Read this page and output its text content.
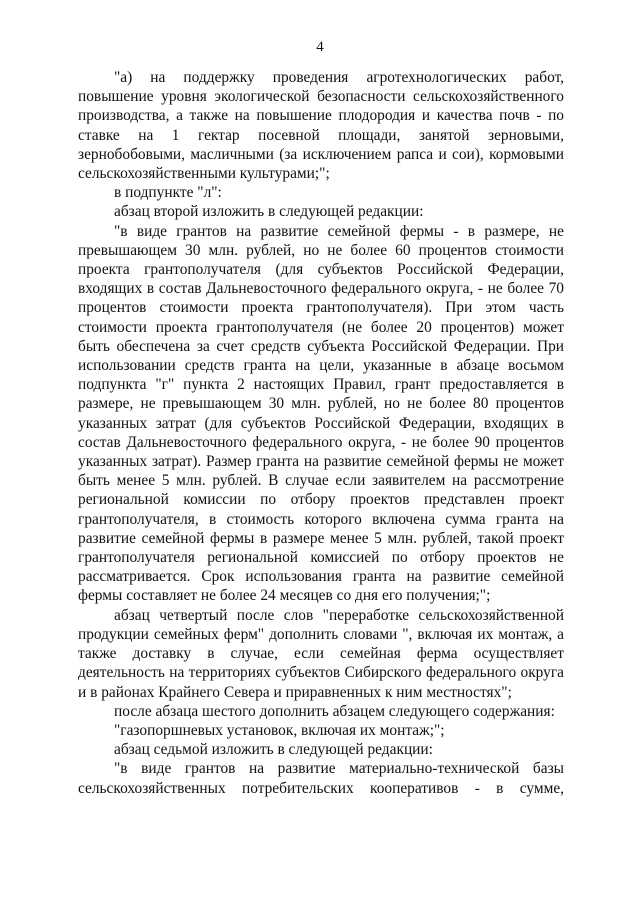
4

"а) на поддержку проведения агротехнологических работ, повышение уровня экологической безопасности сельскохозяйственного производства, а также на повышение плодородия и качества почв - по ставке на 1 гектар посевной площади, занятой зерновыми, зернобобовыми, масличными (за исключением рапса и сои), кормовыми сельскохозяйственными культурами;";

в подпункте "л":

абзац второй изложить в следующей редакции:

"в виде грантов на развитие семейной фермы - в размере, не превышающем 30 млн. рублей, но не более 60 процентов стоимости проекта грантополучателя (для субъектов Российской Федерации, входящих в состав Дальневосточного федерального округа, - не более 70 процентов стоимости проекта грантополучателя). При этом часть стоимости проекта грантополучателя (не более 20 процентов) может быть обеспечена за счет средств субъекта Российской Федерации. При использовании средств гранта на цели, указанные в абзаце восьмом подпункта "г" пункта 2 настоящих Правил, грант предоставляется в размере, не превышающем 30 млн. рублей, но не более 80 процентов указанных затрат (для субъектов Российской Федерации, входящих в состав Дальневосточного федерального округа, - не более 90 процентов указанных затрат). Размер гранта на развитие семейной фермы не может быть менее 5 млн. рублей. В случае если заявителем на рассмотрение региональной комиссии по отбору проектов представлен проект грантополучателя, в стоимость которого включена сумма гранта на развитие семейной фермы в размере менее 5 млн. рублей, такой проект грантополучателя региональной комиссией по отбору проектов не рассматривается. Срок использования гранта на развитие семейной фермы составляет не более 24 месяцев со дня его получения;";

абзац четвертый после слов "переработке сельскохозяйственной продукции семейных ферм" дополнить словами ", включая их монтаж, а также доставку в случае, если семейная ферма осуществляет деятельность на территориях субъектов Сибирского федерального округа и в районах Крайнего Севера и приравненных к ним местностях";

после абзаца шестого дополнить абзацем следующего содержания:

"газопоршневых установок, включая их монтаж;";

абзац седьмой изложить в следующей редакции:

"в виде грантов на развитие материально-технической базы сельскохозяйственных потребительских кооперативов - в сумме,
